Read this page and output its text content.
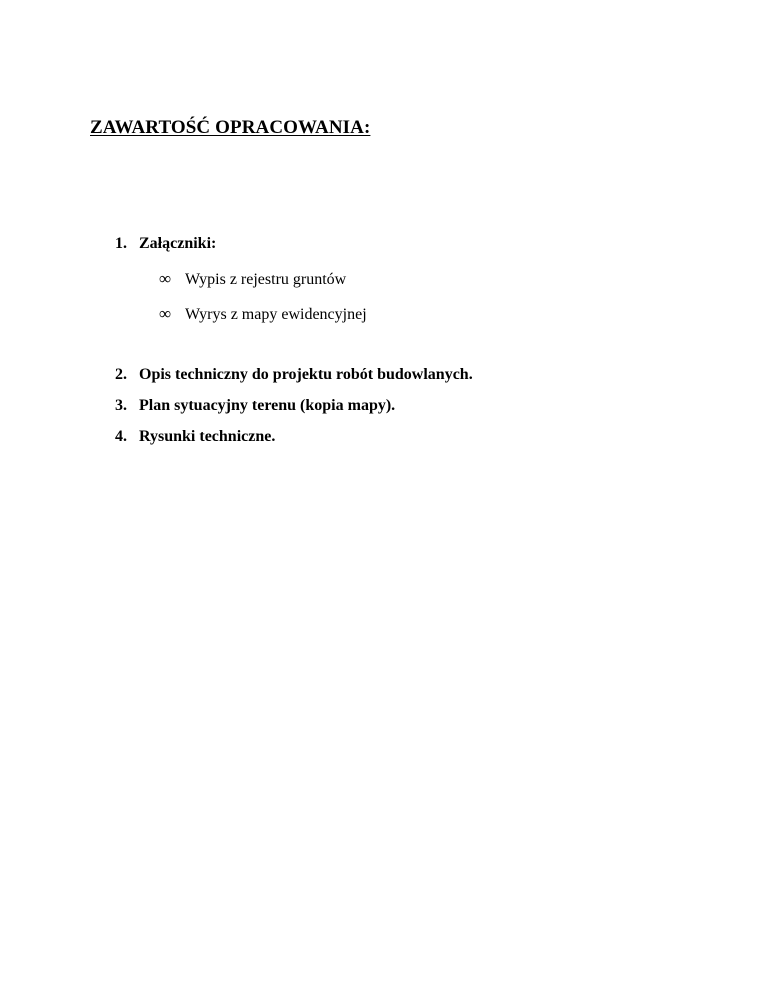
ZAWARTOŚĆ OPRACOWANIA:
1. Załączniki:
∞ Wypis z rejestru gruntów
∞ Wyrys z mapy ewidencyjnej
2. Opis techniczny do projektu robót budowlanych.
3. Plan sytuacyjny terenu (kopia mapy).
4. Rysunki techniczne.
